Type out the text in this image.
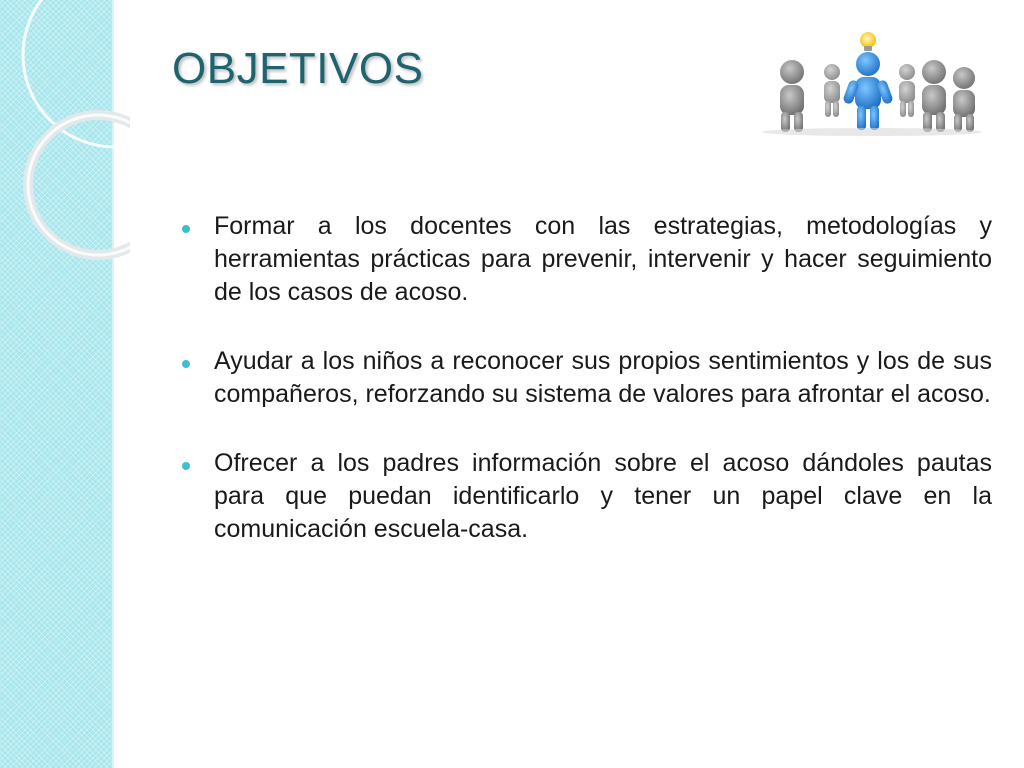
OBJETIVOS
Formar a los docentes con las estrategias, metodologías y herramientas prácticas para prevenir, intervenir y hacer seguimiento de los casos de acoso.
Ayudar a los niños a reconocer sus propios sentimientos y los de sus compañeros, reforzando su sistema de valores para afrontar el acoso.
Ofrecer a los padres información sobre el acoso dándoles pautas para que puedan identificarlo y tener un papel clave en la comunicación escuela-casa.
